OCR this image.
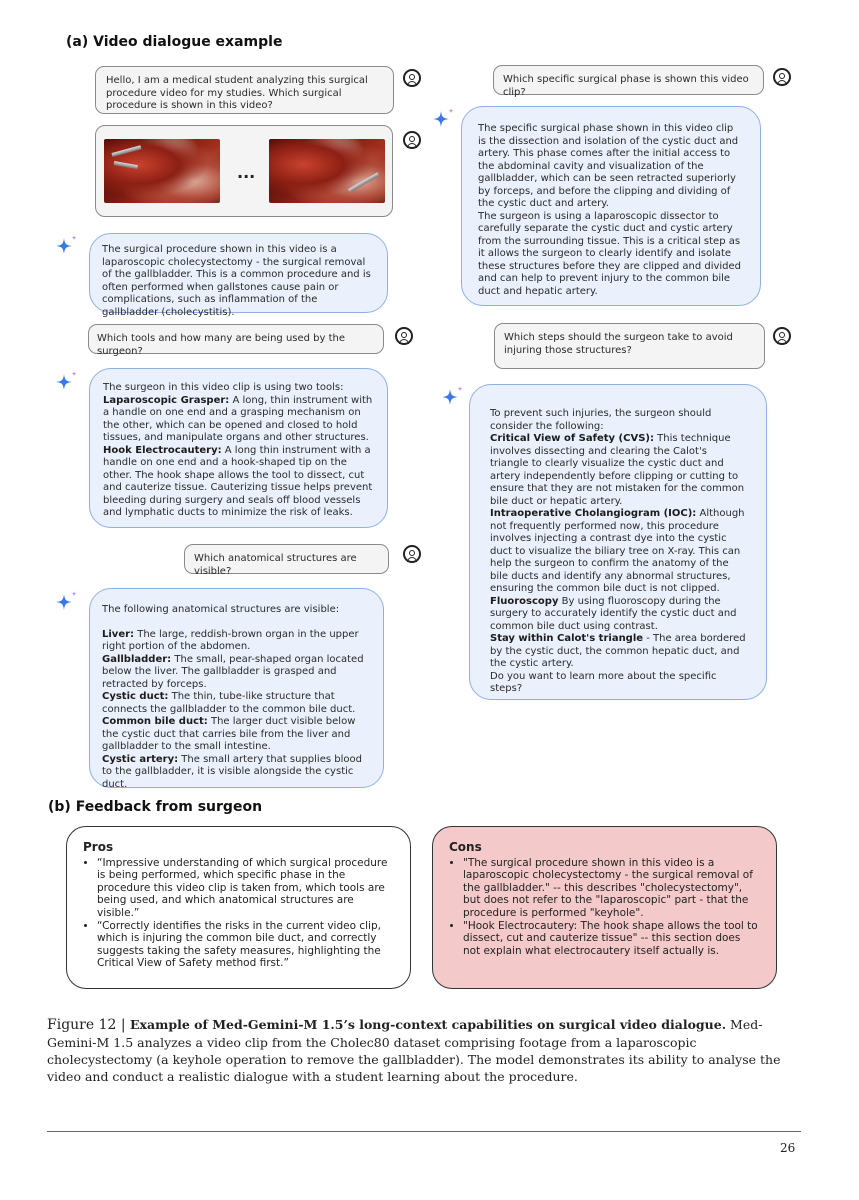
(a) Video dialogue example

Hello, I am a medical student analyzing this surgical procedure video for my studies. Which surgical procedure is shown in this video?

...

The surgical procedure shown in this video is a laparoscopic cholecystectomy - the surgical removal of the gallbladder. This is a common procedure and is often performed when gallstones cause pain or complications, such as inflammation of the gallbladder (cholecystitis).

Which tools and how many are being used by the surgeon?

The surgeon in this video clip is using two tools:

Laparoscopic Grasper: A long, thin instrument with a handle on one end and a grasping mechanism on the other, which can be opened and closed to hold tissues, and manipulate organs and other structures.

Hook Electrocautery: A long thin instrument with a handle on one end and a hook-shaped tip on the other. The hook shape allows the tool to dissect, cut and cauterize tissue. Cauterizing tissue helps prevent bleeding during surgery and seals off blood vessels and lymphatic ducts to minimize the risk of leaks.

Which anatomical structures are visible?

The following anatomical structures are visible:

Liver: The large, reddish-brown organ in the upper right portion of the abdomen.

Gallbladder: The small, pear-shaped organ located below the liver. The gallbladder is grasped and retracted by forceps.

Cystic duct: The thin, tube-like structure that connects the gallbladder to the common bile duct.

Common bile duct: The larger duct visible below the cystic duct that carries bile from the liver and gallbladder to the small intestine.

Cystic artery: The small artery that supplies blood to the gallbladder, it is visible alongside the cystic duct.

Which specific surgical phase is shown this video clip?

The specific surgical phase shown in this video clip is the dissection and isolation of the cystic duct and artery. This phase comes after the initial access to the abdominal cavity and visualization of the gallbladder, which can be seen retracted superiorly by forceps, and before the clipping and dividing of the cystic duct and artery.

The surgeon is using a laparoscopic dissector to carefully separate the cystic duct and cystic artery from the surrounding tissue. This is a critical step as it allows the surgeon to clearly identify and isolate these structures before they are clipped and divided and can help to prevent injury to the common bile duct and hepatic artery.

Which steps should the surgeon take to avoid injuring those structures?

To prevent such injuries, the surgeon should consider the following:

Critical View of Safety (CVS): This technique involves dissecting and clearing the Calot's triangle to clearly visualize the cystic duct and artery independently before clipping or cutting to ensure that they are not mistaken for the common bile duct or hepatic artery.

Intraoperative Cholangiogram (IOC): Although not frequently performed now, this procedure involves injecting a contrast dye into the cystic duct to visualize the biliary tree on X-ray. This can help the surgeon to confirm the anatomy of the bile ducts and identify any abnormal structures, ensuring the common bile duct is not clipped.

Fluoroscopy By using fluoroscopy during the surgery to accurately identify the cystic duct and common bile duct using contrast.

Stay within Calot's triangle - The area bordered by the cystic duct, the common hepatic duct, and the cystic artery.

Do you want to learn more about the specific steps?

(b) Feedback from surgeon
Pros
• “Impressive understanding of which surgical procedure is being performed, which specific phase in the procedure this video clip is taken from, which tools are being used, and which anatomical structures are visible.”
• “Correctly identifies the risks in the current video clip, which is injuring the common bile duct, and correctly suggests taking the safety measures, highlighting the Critical View of Safety method first.”
Cons
• "The surgical procedure shown in this video is a laparoscopic cholecystectomy - the surgical removal of the gallbladder." -- this describes "cholecystectomy", but does not refer to the "laparoscopic" part - that the procedure is performed "keyhole".
• "Hook Electrocautery: The hook shape allows the tool to dissect, cut and cauterize tissue" -- this section does not explain what electrocautery itself actually is.
Figure 12 | Example of Med-Gemini-M 1.5’s long-context capabilities on surgical video dialogue. Med-Gemini-M 1.5 analyzes a video clip from the Cholec80 dataset comprising footage from a laparoscopic cholecystectomy (a keyhole operation to remove the gallbladder). The model demonstrates its ability to analyse the video and conduct a realistic dialogue with a student learning about the procedure.
26
